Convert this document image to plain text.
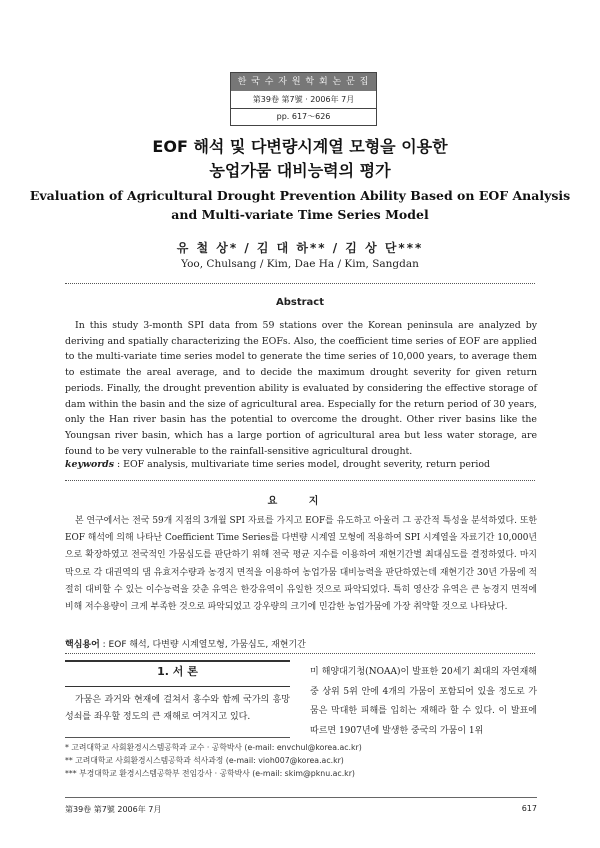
한 국 수 자 원 학 회 논 문 집
第39卷 第7號 · 2006年 7月
pp. 617～626
EOF 해석 및 다변량시계열 모형을 이용한
농업가뭄 대비능력의 평가
Evaluation of Agricultural Drought Prevention Ability Based on EOF Analysis
and Multi-variate Time Series Model
유 철 상* / 김 대 하** / 김 상 단***
Yoo, Chulsang / Kim, Dae Ha / Kim, Sangdan
Abstract
In this study 3-month SPI data from 59 stations over the Korean peninsula are analyzed by deriving and spatially characterizing the EOFs. Also, the coefficient time series of EOF are applied to the multi-variate time series model to generate the time series of 10,000 years, to average them to estimate the areal average, and to decide the maximum drought severity for given return periods. Finally, the drought prevention ability is evaluated by considering the effective storage of dam within the basin and the size of agricultural area. Especially for the return period of 30 years, only the Han river basin has the potential to overcome the drought. Other river basins like the Youngsan river basin, which has a large portion of agricultural area but less water storage, are found to be very vulnerable to the rainfall-sensitive agricultural drought.
keywords : EOF analysis, multivariate time series model, drought severity, return period
요 지
본 연구에서는 전국 59개 지점의 3개월 SPI 자료를 가지고 EOF를 유도하고 아울러 그 공간적 특성을 분석하였다. 또한 EOF 해석에 의해 나타난 Coefficient Time Series를 다변량 시계열 모형에 적용하여 SPI 시계열을 자료기간 10,000년으로 확장하였고 전국적인 가뭄심도를 판단하기 위해 전국 평균 지수를 이용하여 재현기간별 최대심도를 결정하였다. 마지막으로 각 대권역의 댐 유효저수량과 농경지 면적을 이용하여 농업가뭄 대비능력을 판단하였는데 재현기간 30년 가뭄에 적절히 대비할 수 있는 이수능력을 갖춘 유역은 한강유역이 유일한 것으로 파악되었다. 특히 영산강 유역은 큰 농경지 면적에 비해 저수용량이 크게 부족한 것으로 파악되었고 강우량의 크기에 민감한 농업가뭄에 가장 취약할 것으로 나타났다.
핵심용어 : EOF 해석, 다변량 시계열모형, 가뭄심도, 재현기간
1. 서 론
가뭄은 과거와 현재에 걸쳐서 홍수와 함께 국가의 흥망성쇠를 좌우할 정도의 큰 재해로 여겨지고 있다.
미 해양대기청(NOAA)이 발표한 20세기 최대의 자연재해 중 상위 5위 안에 4개의 가뭄이 포함되어 있을 정도로 가뭄은 막대한 피해를 입히는 재해라 할 수 있다. 이 발표에 따르면 1907년에 발생한 중국의 가뭄이 1위
* 고려대학교 사회환경시스템공학과 교수 · 공학박사 (e-mail: envchul@korea.ac.kr)
** 고려대학교 사회환경시스템공학과 석사과정 (e-mail: vioh007@korea.ac.kr)
*** 부경대학교 환경시스템공학부 전임강사 · 공학박사 (e-mail: skim@pknu.ac.kr)
第39卷 第7號 2006年 7月	617
